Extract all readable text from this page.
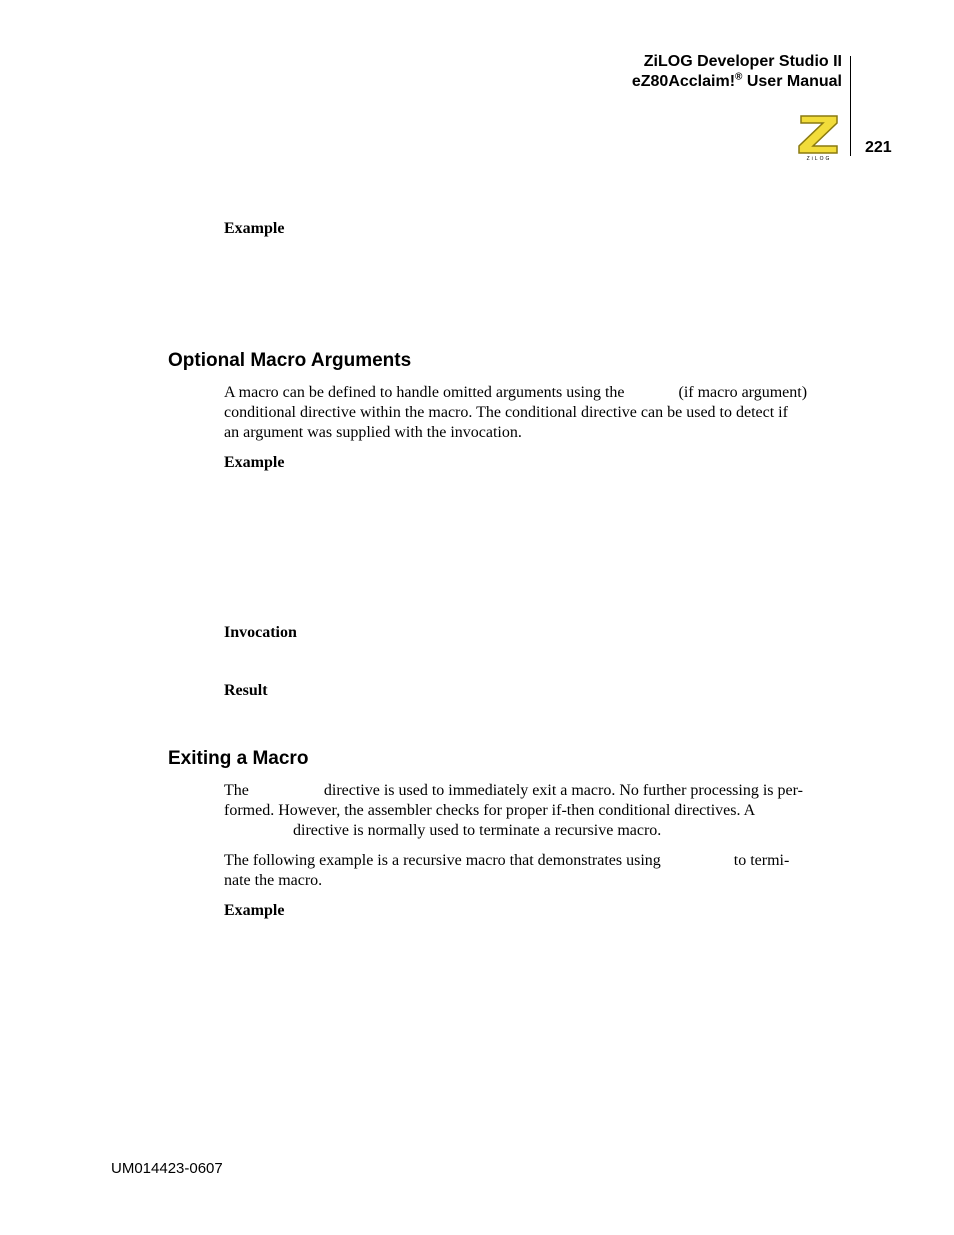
ZiLOG Developer Studio II
eZ80Acclaim!® User Manual
ZiLOG
221
Example
Optional Macro Arguments
A macro can be defined to handle omitted arguments using the	(if macro argument)
conditional directive within the macro. The conditional directive can be used to detect if
an argument was supplied with the invocation.
Example
Invocation
Result
Exiting a Macro
The	directive is used to immediately exit a macro. No further processing is per-
formed. However, the assembler checks for proper if-then conditional directives. A
directive is normally used to terminate a recursive macro.
The following example is a recursive macro that demonstrates using	to termi-
nate the macro.
Example
UM014423-0607
